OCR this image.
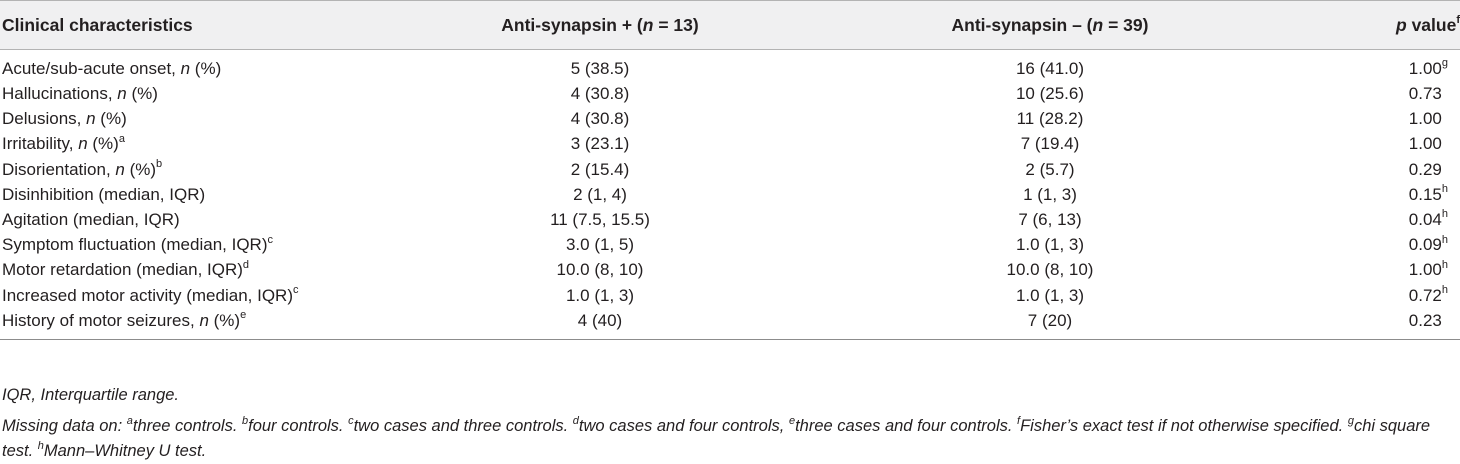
Clinical characteristics	Anti-synapsin + (n = 13)	Anti-synapsin – (n = 39)	p value$^f$
Acute/sub-acute onset, n (%)	5 (38.5)	16 (41.0)	1.00$^g$
Hallucinations, n (%)	4 (30.8)	10 (25.6)	0.73
Delusions, n (%)	4 (30.8)	11 (28.2)	1.00
Irritability, n (%)$^a$	3 (23.1)	7 (19.4)	1.00
Disorientation, n (%)$^b$	2 (15.4)	2 (5.7)	0.29
Disinhibition (median, IQR)	2 (1, 4)	1 (1, 3)	0.15$^h$
Agitation (median, IQR)	11 (7.5, 15.5)	7 (6, 13)	0.04$^h$
Symptom fluctuation (median, IQR)$^c$	3.0 (1, 5)	1.0 (1, 3)	0.09$^h$
Motor retardation (median, IQR)$^d$	10.0 (8, 10)	10.0 (8, 10)	1.00$^h$
Increased motor activity (median, IQR)$^c$	1.0 (1, 3)	1.0 (1, 3)	0.72$^h$
History of motor seizures, n (%)$^e$	4 (40)	7 (20)	0.23

IQR, Interquartile range.

Missing data on: $^a$three controls. $^b$four controls. $^c$two cases and three controls. $^d$two cases and four controls, $^e$three cases and four controls. $^f$Fisher’s exact test if not otherwise specified. $^g$chi square test. $^h$Mann–Whitney U test.
